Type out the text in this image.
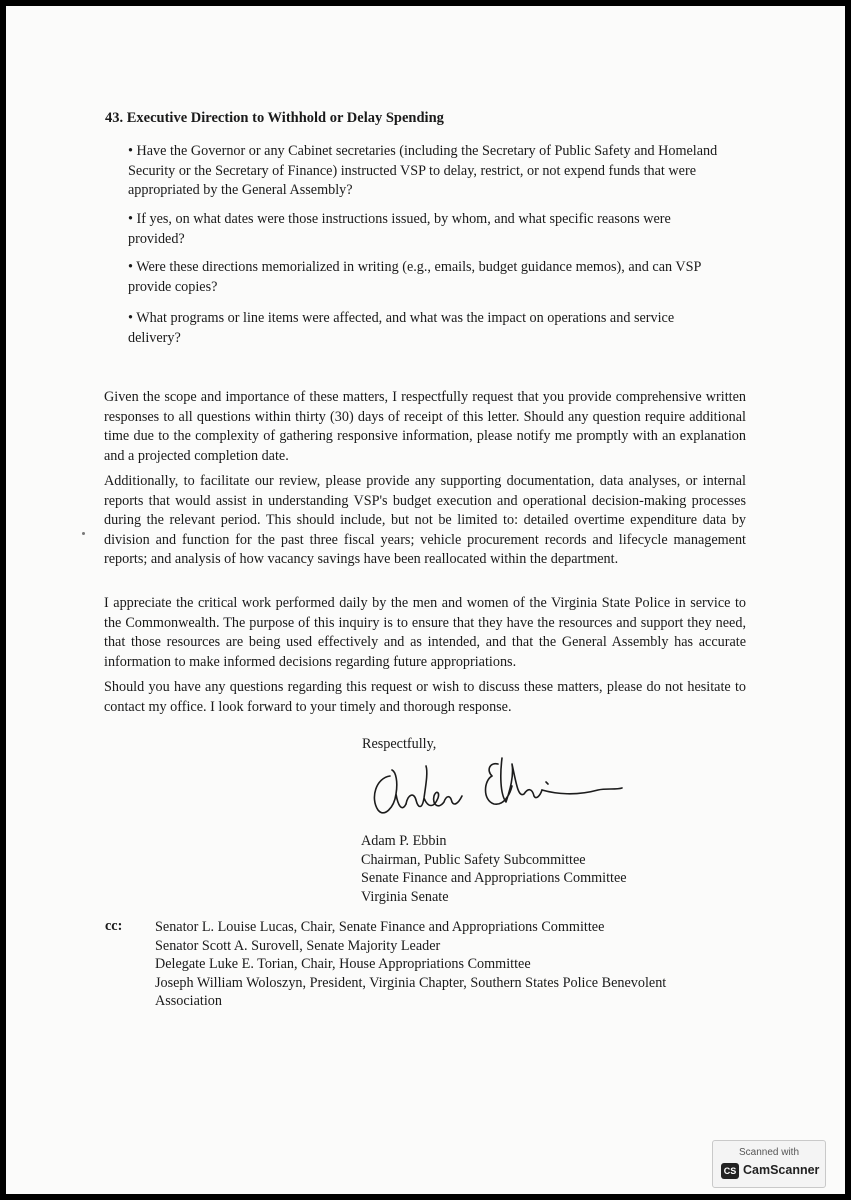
43. Executive Direction to Withhold or Delay Spending
• Have the Governor or any Cabinet secretaries (including the Secretary of Public Safety and Homeland Security or the Secretary of Finance) instructed VSP to delay, restrict, or not expend funds that were appropriated by the General Assembly?
• If yes, on what dates were those instructions issued, by whom, and what specific reasons were provided?
• Were these directions memorialized in writing (e.g., emails, budget guidance memos), and can VSP provide copies?
• What programs or line items were affected, and what was the impact on operations and service delivery?
Given the scope and importance of these matters, I respectfully request that you provide comprehensive written responses to all questions within thirty (30) days of receipt of this letter. Should any question require additional time due to the complexity of gathering responsive information, please notify me promptly with an explanation and a projected completion date.
Additionally, to facilitate our review, please provide any supporting documentation, data analyses, or internal reports that would assist in understanding VSP's budget execution and operational decision-making processes during the relevant period. This should include, but not be limited to: detailed overtime expenditure data by division and function for the past three fiscal years; vehicle procurement records and lifecycle management reports; and analysis of how vacancy savings have been reallocated within the department.
I appreciate the critical work performed daily by the men and women of the Virginia State Police in service to the Commonwealth. The purpose of this inquiry is to ensure that they have the resources and support they need, that those resources are being used effectively and as intended, and that the General Assembly has accurate information to make informed decisions regarding future appropriations.
Should you have any questions regarding this request or wish to discuss these matters, please do not hesitate to contact my office. I look forward to your timely and thorough response.
Respectfully,
Adam P. Ebbin
Chairman, Public Safety Subcommittee
Senate Finance and Appropriations Committee
Virginia Senate
cc: Senator L. Louise Lucas, Chair, Senate Finance and Appropriations Committee
Senator Scott A. Surovell, Senate Majority Leader
Delegate Luke E. Torian, Chair, House Appropriations Committee
Joseph William Woloszyn, President, Virginia Chapter, Southern States Police Benevolent Association
Scanned with
CS CamScanner
